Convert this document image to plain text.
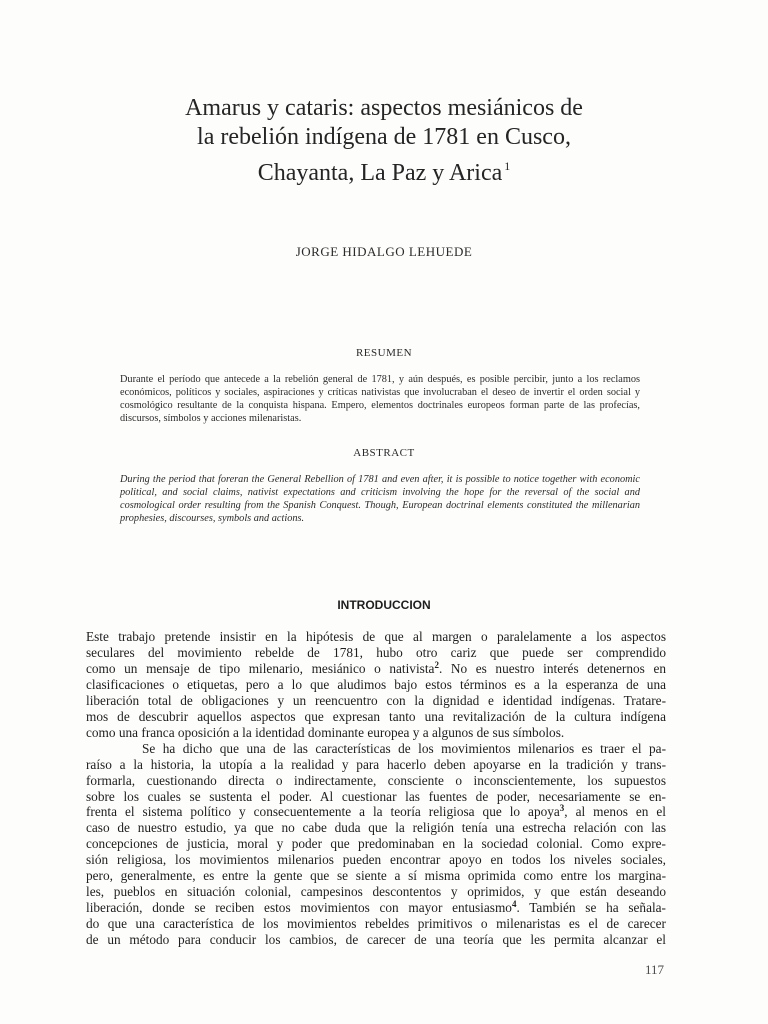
Amarus y cataris: aspectos mesiánicos de
la rebelión indígena de 1781 en Cusco,
Chayanta, La Paz y Arica $^1$
JORGE HIDALGO LEHUEDE
RESUMEN
Durante el período que antecede a la rebelión general de 1781, y aún después, es posible percibir, junto a los reclamos económicos, políticos y sociales, aspiraciones y críticas nativistas que involucraban el deseo de invertir el orden social y cosmológico resultante de la conquista hispana. Empero, elementos doctrinales europeos forman parte de las profecías, discursos, símbolos y acciones milenaristas.
ABSTRACT
During the period that foreran the General Rebellion of 1781 and even after, it is possible to notice together with economic political, and social claims, nativist expectations and criticism involving the hope for the reversal of the social and cosmological order resulting from the Spanish Conquest. Though, European doctrinal elements constituted the millenarian prophesies, discourses, symbols and actions.
INTRODUCCION
Este trabajo pretende insistir en la hipótesis de que al margen o paralelamente a los aspectos
seculares del movimiento rebelde de 1781, hubo otro cariz que puede ser comprendido
como un mensaje de tipo milenario, mesiánico o nativista$^2$. No es nuestro interés detenernos en
clasificaciones o etiquetas, pero a lo que aludimos bajo estos términos es a la esperanza de una
liberación total de obligaciones y un reencuentro con la dignidad e identidad indígenas. Tratare-
mos de descubrir aquellos aspectos que expresan tanto una revitalización de la cultura indígena
como una franca oposición a la identidad dominante europea y a algunos de sus símbolos.
Se ha dicho que una de las características de los movimientos milenarios es traer el pa-
raíso a la historia, la utopía a la realidad y para hacerlo deben apoyarse en la tradición y trans-
formarla, cuestionando directa o indirectamente, consciente o inconscientemente, los supuestos
sobre los cuales se sustenta el poder. Al cuestionar las fuentes de poder, necesariamente se en-
frenta el sistema político y consecuentemente a la teoría religiosa que lo apoya$^3$, al menos en el
caso de nuestro estudio, ya que no cabe duda que la religión tenía una estrecha relación con las
concepciones de justicia, moral y poder que predominaban en la sociedad colonial. Como expre-
sión religiosa, los movimientos milenarios pueden encontrar apoyo en todos los niveles sociales,
pero, generalmente, es entre la gente que se siente a sí misma oprimida como entre los margina-
les, pueblos en situación colonial, campesinos descontentos y oprimidos, y que están deseando
liberación, donde se reciben estos movimientos con mayor entusiasmo$^4$. También se ha señala-
do que una característica de los movimientos rebeldes primitivos o milenaristas es el de carecer
de un método para conducir los cambios, de carecer de una teoría que les permita alcanzar el
117
